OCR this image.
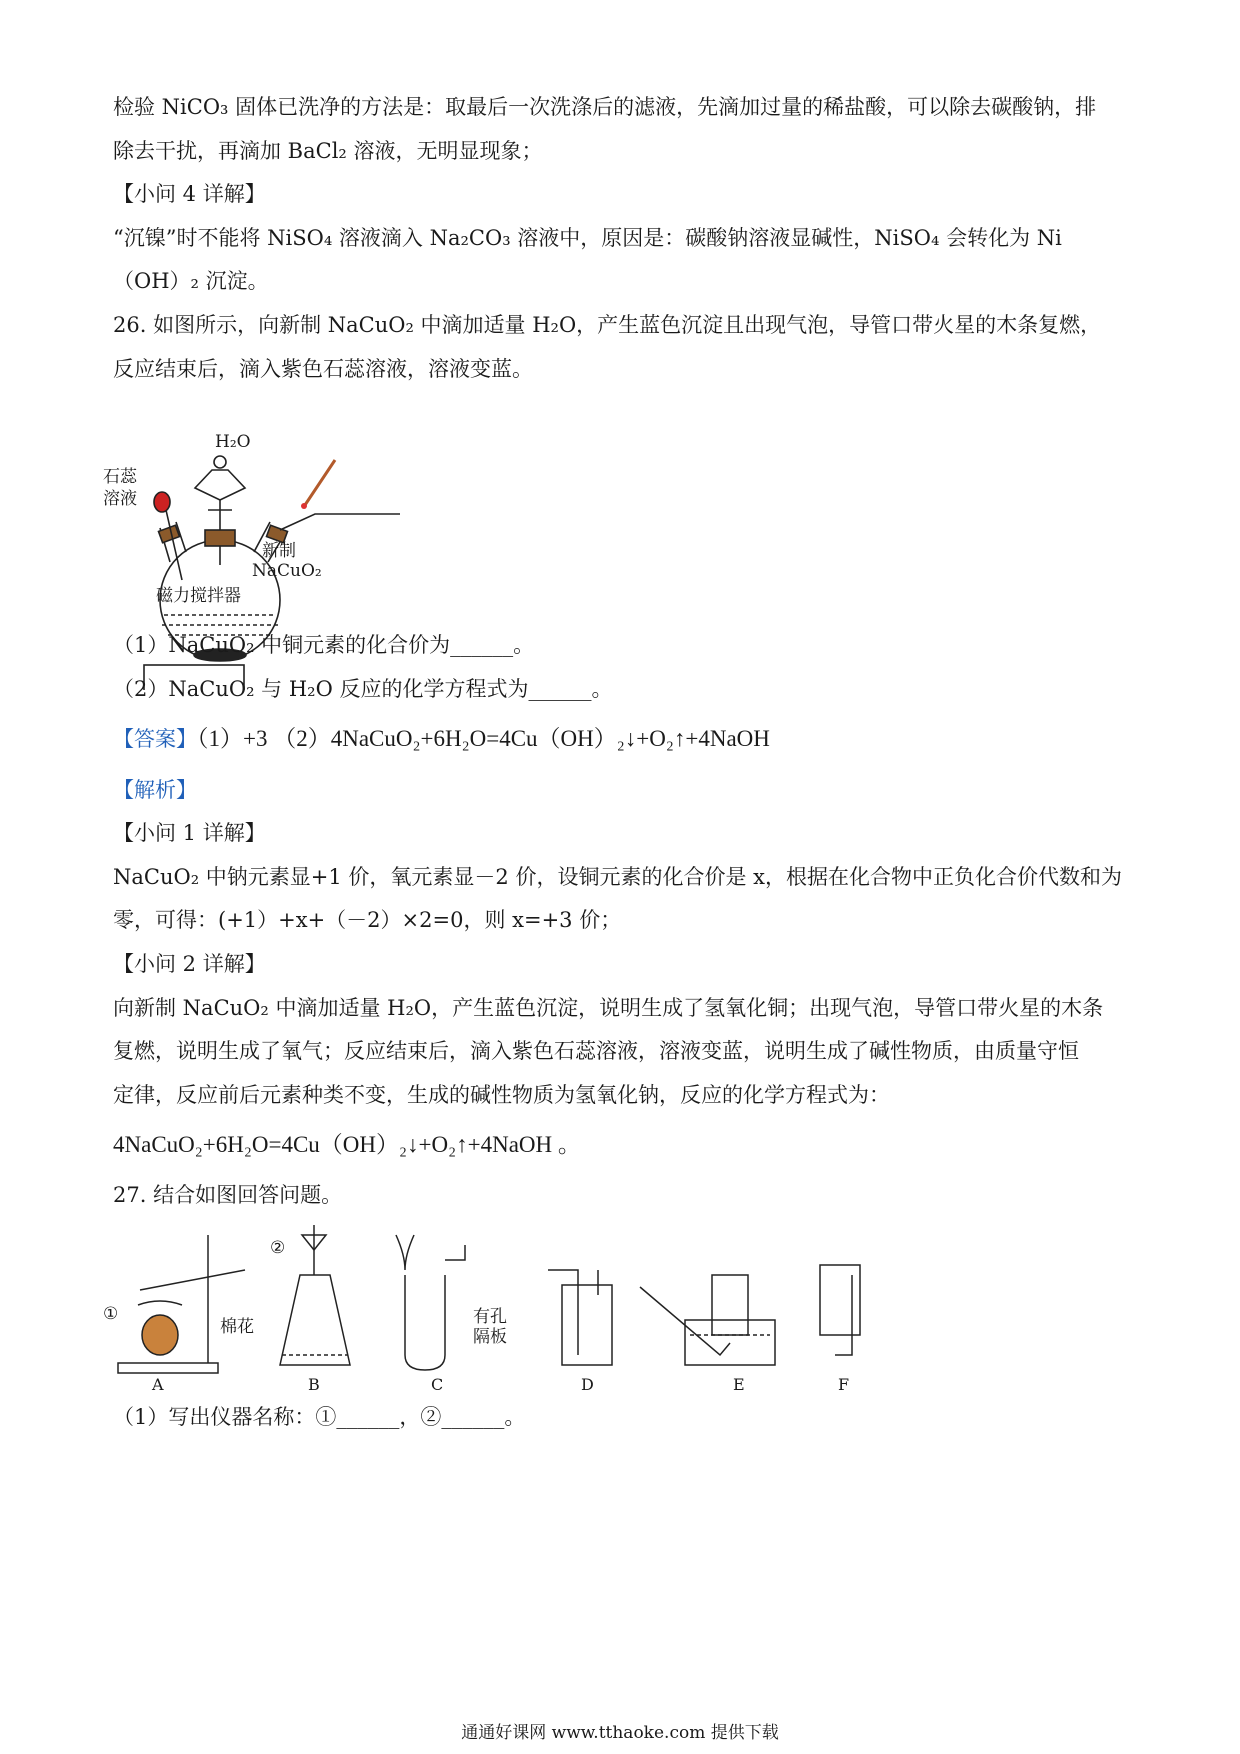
检验 NiCO₃ 固体已洗净的方法是：取最后一次洗涤后的滤液，先滴加过量的稀盐酸，可以除去碳酸钠，排
除去干扰，再滴加 BaCl₂ 溶液，无明显现象；
【小问 4 详解】
“沉镍”时不能将 NiSO₄ 溶液滴入 Na₂CO₃ 溶液中，原因是：碳酸钠溶液显碱性，NiSO₄ 会转化为 Ni
（OH）₂ 沉淀。
26. 如图所示，向新制 NaCuO₂ 中滴加适量 H₂O，产生蓝色沉淀且出现气泡，导管口带火星的木条复燃，
反应结束后，滴入紫色石蕊溶液，溶液变蓝。
H₂O
石蕊
溶液
新制
NaCuO₂
磁力搅拌器
（1）NaCuO₂ 中铜元素的化合价为______。
（2）NaCuO₂ 与 H₂O 反应的化学方程式为______。
【答案】（1）+3 （2）4NaCuO₂+6H₂O=4Cu（OH）₂↓+O₂↑+4NaOH
【解析】
【小问 1 详解】
NaCuO₂ 中钠元素显+1 价，氧元素显－2 价，设铜元素的化合价是 x，根据在化合物中正负化合价代数和为
零，可得：(+1）+x+（－2）×2=0，则 x=+3 价；
【小问 2 详解】
向新制 NaCuO₂ 中滴加适量 H₂O，产生蓝色沉淀，说明生成了氢氧化铜；出现气泡，导管口带火星的木条
复燃，说明生成了氧气；反应结束后，滴入紫色石蕊溶液，溶液变蓝，说明生成了碱性物质，由质量守恒
定律，反应前后元素种类不变，生成的碱性物质为氢氧化钠，反应的化学方程式为：
4NaCuO₂+6H₂O=4Cu（OH）₂↓+O₂↑+4NaOH 。
27. 结合如图回答问题。
①
②
棉花	有孔
隔板
A	B	C	D	E	F
（1）写出仪器名称：①______，②______。
通通好课网 www.tthaoke.com 提供下载
